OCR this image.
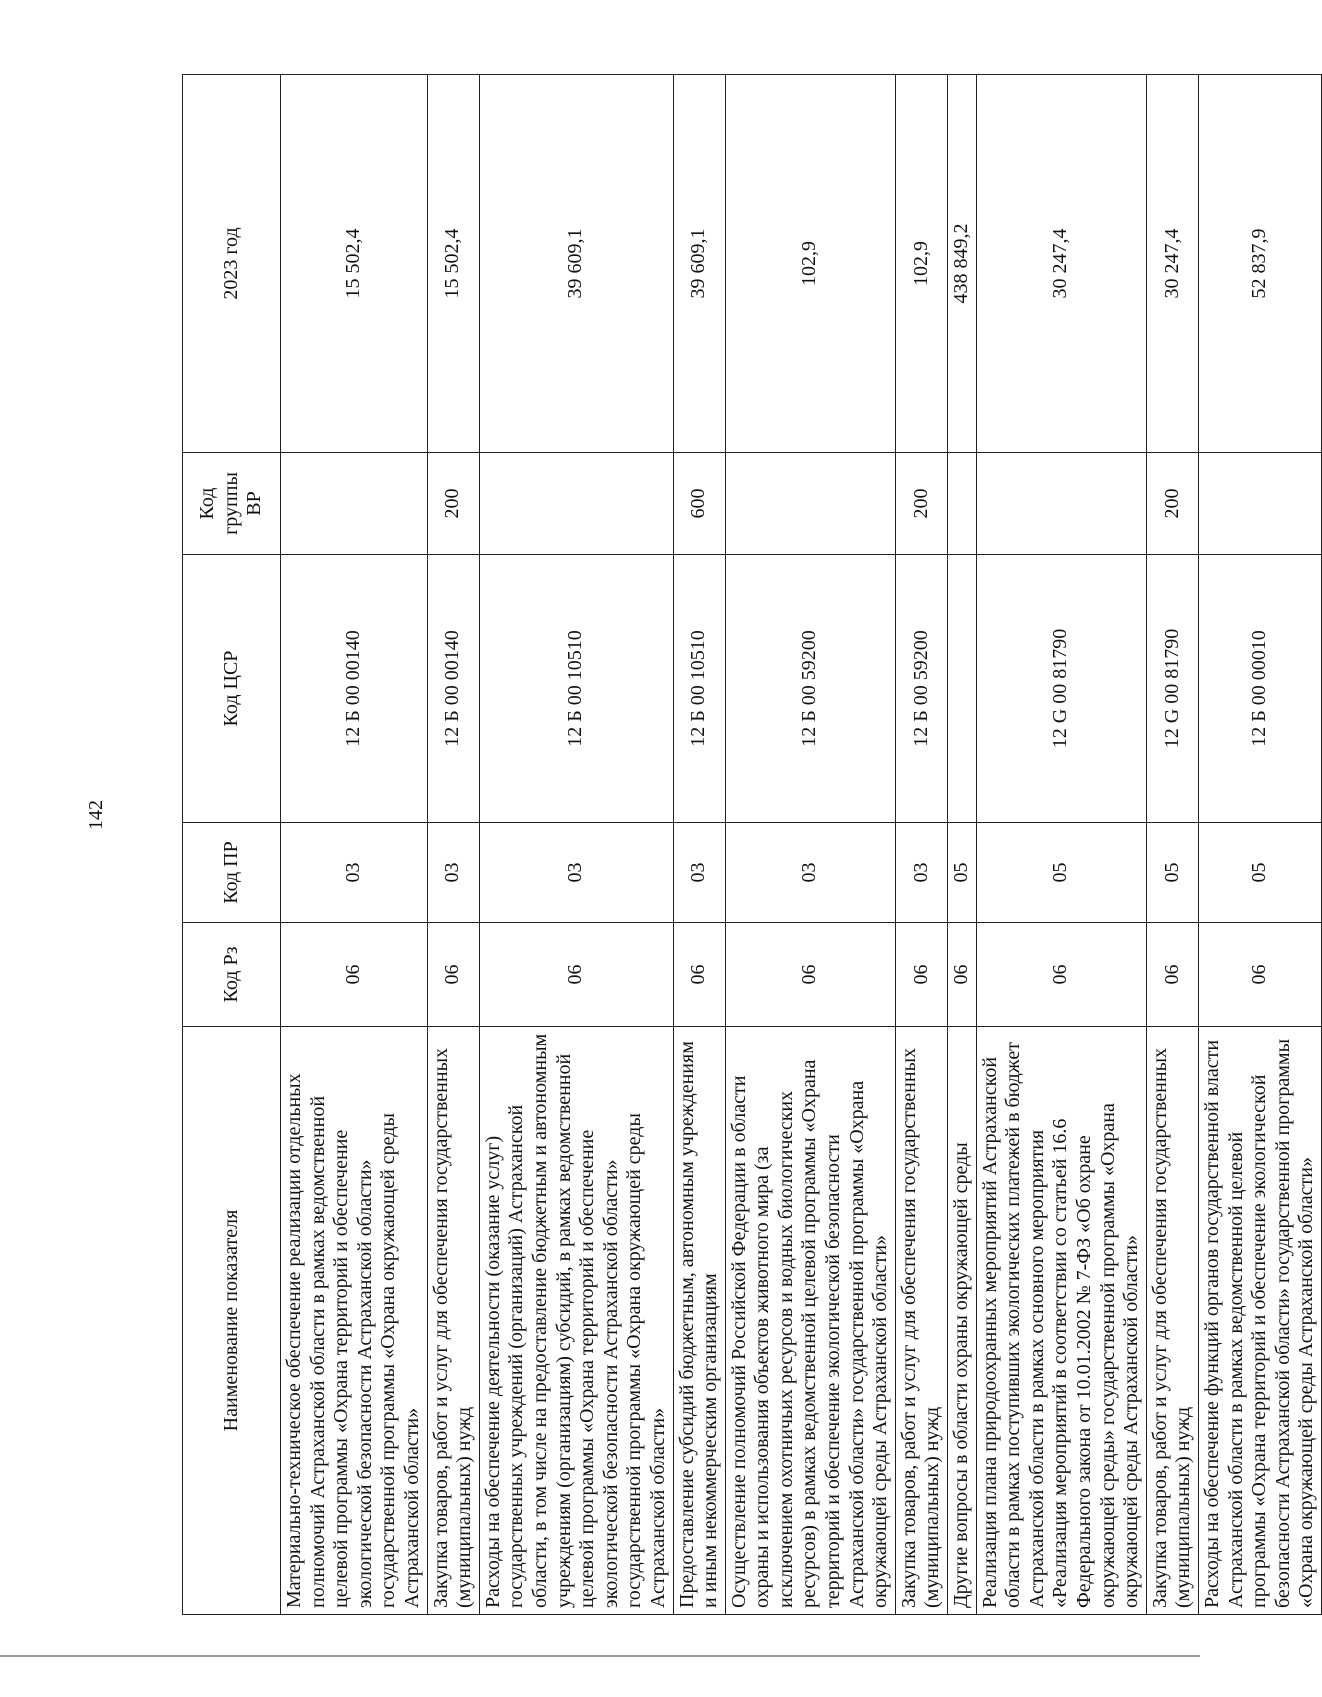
142
Наименование показателя	Код Рз	Код ПР	Код ЦСР	Код группы ВР	2023 год
Материально-техническое обеспечение реализации отдельных полномочий Астраханской области в рамках ведомственной целевой программы «Охрана территорий и обеспечение экологической безопасности Астраханской области» государственной программы «Охрана окружающей среды Астраханской области»	06	03	12 Б 00 00140		15 502,4
Закупка товаров, работ и услуг для обеспечения государственных (муниципальных) нужд	06	03	12 Б 00 00140	200	15 502,4
Расходы на обеспечение деятельности (оказание услуг) государственных учреждений (организаций) Астраханской области, в том числе на предоставление бюджетным и автономным учреждениям (организациям) субсидий, в рамках ведомственной целевой программы «Охрана территорий и обеспечение экологической безопасности Астраханской области» государственной программы «Охрана окружающей среды Астраханской области»	06	03	12 Б 00 10510		39 609,1
Предоставление субсидий бюджетным, автономным учреждениям и иным некоммерческим организациям	06	03	12 Б 00 10510	600	39 609,1
Осуществление полномочий Российской Федерации в области охраны и использования объектов животного мира (за исключением охотничьих ресурсов и водных биологических ресурсов) в рамках ведомственной целевой программы «Охрана территорий и обеспечение экологической безопасности Астраханской области» государственной программы «Охрана окружающей среды Астраханской области»	06	03	12 Б 00 59200		102,9
Закупка товаров, работ и услуг для обеспечения государственных (муниципальных) нужд	06	03	12 Б 00 59200	200	102,9
Другие вопросы в области охраны окружающей среды	06	05			438 849,2
Реализация плана природоохранных мероприятий Астраханской области в рамках поступивших экологических платежей в бюджет Астраханской области в рамках основного мероприятия «Реализация мероприятий в соответствии со статьей 16.6 Федерального закона от 10.01.2002 № 7-ФЗ «Об охране окружающей среды» государственной программы «Охрана окружающей среды Астраханской области»	06	05	12 G 00 81790		30 247,4
Закупка товаров, работ и услуг для обеспечения государственных (муниципальных) нужд	06	05	12 G 00 81790	200	30 247,4
Расходы на обеспечение функций органов государственной власти Астраханской области в рамках ведомственной целевой программы «Охрана территорий и обеспечение экологической безопасности Астраханской области» государственной программы «Охрана окружающей среды Астраханской области»	06	05	12 Б 00 00010		52 837,9
